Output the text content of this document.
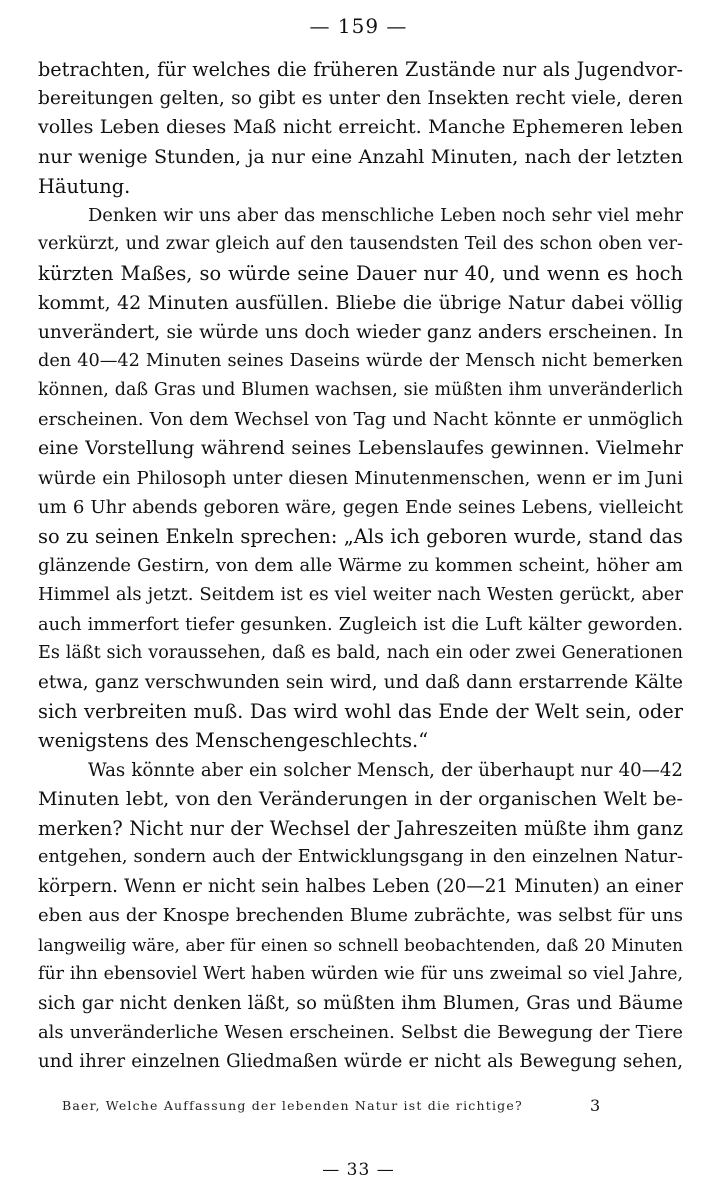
— 159 —
betrachten, für welches die früheren Zustände nur als Jugendvor-
bereitungen gelten, so gibt es unter den Insekten recht viele, deren
volles Leben dieses Maß nicht erreicht. Manche Ephemeren leben
nur wenige Stunden, ja nur eine Anzahl Minuten, nach der letzten
Häutung.
Denken wir uns aber das menschliche Leben noch sehr viel mehr
verkürzt, und zwar gleich auf den tausendsten Teil des schon oben ver-
kürzten Maßes, so würde seine Dauer nur 40, und wenn es hoch
kommt, 42 Minuten ausfüllen. Bliebe die übrige Natur dabei völlig
unverändert, sie würde uns doch wieder ganz anders erscheinen. In
den 40—42 Minuten seines Daseins würde der Mensch nicht bemerken
können, daß Gras und Blumen wachsen, sie müßten ihm unveränderlich
erscheinen. Von dem Wechsel von Tag und Nacht könnte er unmöglich
eine Vorstellung während seines Lebenslaufes gewinnen. Vielmehr
würde ein Philosoph unter diesen Minutenmenschen, wenn er im Juni
um 6 Uhr abends geboren wäre, gegen Ende seines Lebens, vielleicht
so zu seinen Enkeln sprechen: „Als ich geboren wurde, stand das
glänzende Gestirn, von dem alle Wärme zu kommen scheint, höher am
Himmel als jetzt. Seitdem ist es viel weiter nach Westen gerückt, aber
auch immerfort tiefer gesunken. Zugleich ist die Luft kälter geworden.
Es läßt sich voraussehen, daß es bald, nach ein oder zwei Generationen
etwa, ganz verschwunden sein wird, und daß dann erstarrende Kälte
sich verbreiten muß. Das wird wohl das Ende der Welt sein, oder
wenigstens des Menschengeschlechts.“
Was könnte aber ein solcher Mensch, der überhaupt nur 40—42
Minuten lebt, von den Veränderungen in der organischen Welt be-
merken? Nicht nur der Wechsel der Jahreszeiten müßte ihm ganz
entgehen, sondern auch der Entwicklungsgang in den einzelnen Natur-
körpern. Wenn er nicht sein halbes Leben (20—21 Minuten) an einer
eben aus der Knospe brechenden Blume zubrächte, was selbst für uns
langweilig wäre, aber für einen so schnell beobachtenden, daß 20 Minuten
für ihn ebensoviel Wert haben würden wie für uns zweimal so viel Jahre,
sich gar nicht denken läßt, so müßten ihm Blumen, Gras und Bäume
als unveränderliche Wesen erscheinen. Selbst die Bewegung der Tiere
und ihrer einzelnen Gliedmaßen würde er nicht als Bewegung sehen,
Baer, Welche Auffassung der lebenden Natur ist die richtige?	3
— 33 —
